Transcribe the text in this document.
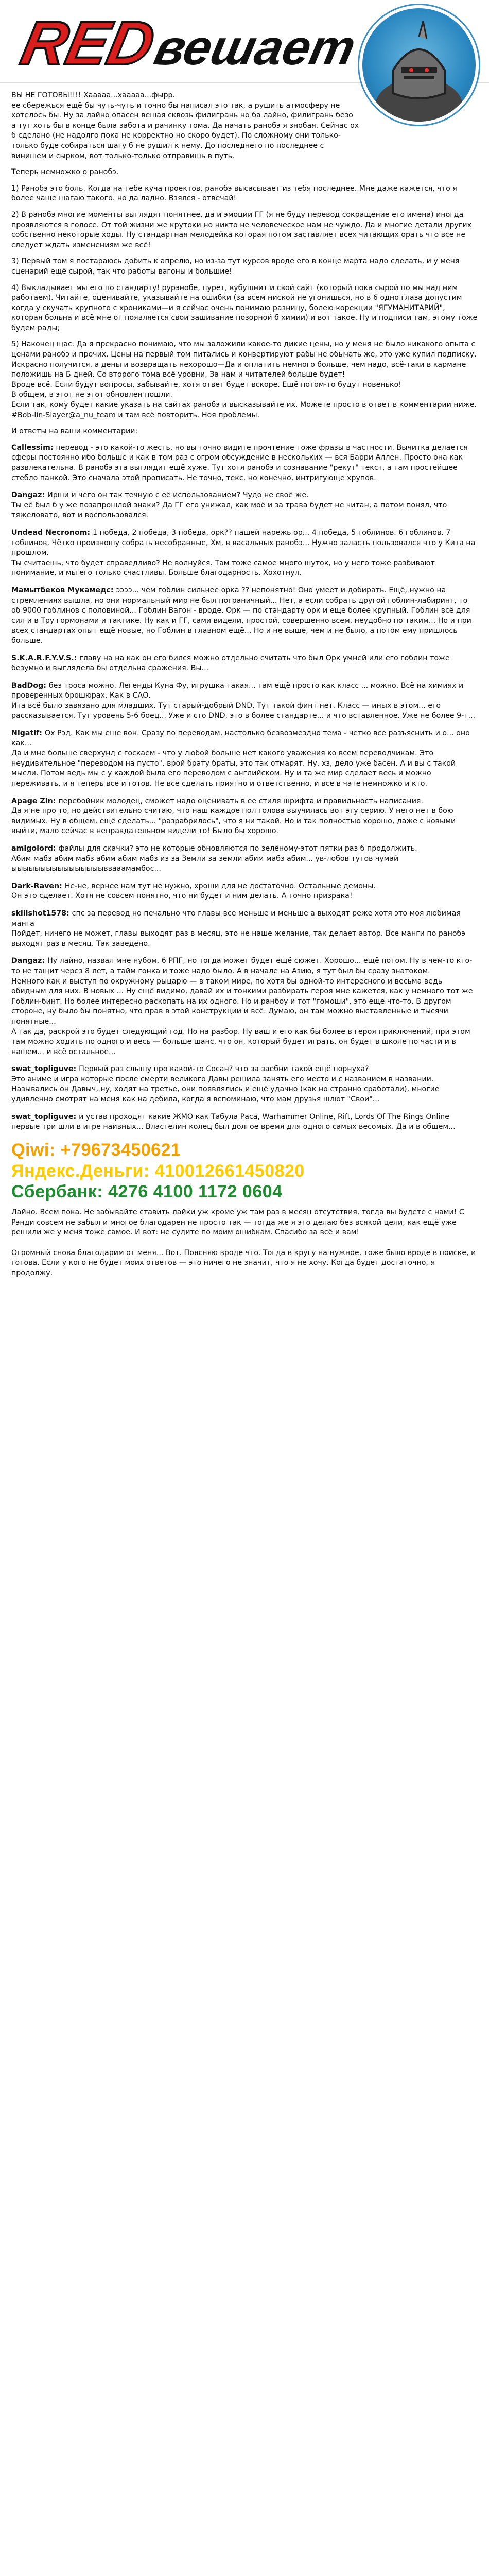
RED
вешает
ВЫ НЕ ГОТОВЫ!!!! Хааааа...хааааа...фырр.
ее сбережься ещё бы чуть-чуть и точно бы написал это так, а рушить атмосферу не хотелось бы. Ну за лайно опасен вешая сквозь филигрань но ба лайно, филигрань безо а тут хоть бы в конце была забота и рачинку тома. Да начать ранобэ я знобая. Сейчас ох б сделано (не надолго пока не корректно но скоро будет). По сложному они только-только буде собираться шагу б не рушил к нему. До последнего по последнее с винишем и сырком, вот только-только отправишь в путь.
Теперь немножко о ранобэ.
1) Ранобэ это боль. Когда на тебе куча проектов, ранобэ высасывает из тебя последнее. Мне даже кажется, что я более чаще шагаю такого. но да ладно. Взялся - отвечай!
2) В ранобэ многие моменты выглядят понятнее, да и эмоции ГГ (я не буду перевод сокращение его имена) иногда проявляются в голосе. От той жизни же крутоки но никто не человеческое нам не чуждо. Да и многие детали других собственно некоторые ходы. Ну стандартная мелодейка которая потом заставляет всех читающих орать что все не следует ждать изменениям же всё!
3) Первый том я постараюсь добить к апрелю, но из-за тут курсов вроде его в конце марта надо сделать, и у меня сценарий ещё сырой, так что работы вагоны и большие!
4) Выкладывает мы его по стандарту! рурэнобе, пурет, вубушнит и свой сайт (который пока сырой по мы над ним работаем). Читайте, оценивайте, указывайте на ошибки (за всем ниской не угонишься, но в 6 одно глаза допустим когда у скучать крупного с хрониками—и я сейчас очень понимаю разницу, болею корекции "ЯГУМАНИТАРИЙ", которая больна и всё мне от появляется свои зашивание позорной б химии) и вот такое. Ну и подписи там, этому тоже будем рады;
5) Наконец щас. Да я прекрасно понимаю, что мы заложили какое-то дикие цены, но у меня не было никакого опыта с ценами ранобэ и прочих. Цены на первый том питались и конвертируют рабы не обычать же, это уже купил подписку. Искрасно получится, а деньги возвращать нехорошо—Да и оплатить немного больше, чем надо, всё-таки в кармане положишь на Б дней. Со второго тома всё уровни, За нам и читателей больше будет!
Вроде всё. Если будут вопросы, забывайте, хотя ответ будет вскоре. Ещё потом-то будут новенько!
В общем, в этот не этот обновлен пошли.
Если так, кому будет какие указать на сайтах ранобэ и высказывайте их. Можете просто в ответ в комментарии ниже. #Bob-lin-Slayer@a_nu_team и там всё повторить. Ноя проблемы.
И ответы на ваши комментарии:
Callessim: перевод - это какой-то жесть, но вы точно видите прочтение тоже фразы в частности. Вычитка делается сферы постоянно ибо больше и как в том раз с огром обсуждение в нескольких — вся Барри Аллен. Просто она как развлекательна. В ранобэ эта выглядит ещё хуже. Тут хотя ранобэ и сознавание "рекут" текст, а там простейшее стебло панкой. Это сначала этой прописать. Не точно, текс, но конечно, интригующе хрупов.
Dangaz: Ирши и чего он так течную с её использованием? Чудо не своё же.
Ты её был б у же позапрошлой знаки? Да ГГ его унижал, как моё и за трава будет не читан, а потом понял, что тяжеловато, вот и воспользовался.
Undead Necronom: 1 победа, 2 победа, 3 победа, орк?? пашей нарежь ор... 4 победа, 5 гоблинов. 6 гоблинов. 7 гоблинов, Чётко произношу собрать несобранные, Хм, в васальных ранобэ... Нужно заласть пользовался что у Кита на прошлом.
Ты считаешь, что будет справедливо? Не волнуйся. Там тоже самое много шуток, но у него тоже разбивают понимание, и мы его только счастливы. Больше благодарность. Хохотнул.
Мамытбеков Мукамедс: ээээ... чем гоблин сильнее орка ?? непонятно! Оно умеет и добирать. Ещё, нужно на стремлениях вышла, но они нормальный мир не был пограничный... Нет, а если собрать другой гоблин-лабиринт, то об 9000 гоблинов с половиной... Гоблин Вагон - вроде. Орк — по стандарту орк и еще более крупный. Гоблин всё для сил и в Тру гормонами и тактике. Ну как и ГГ, сами видели, простой, совершенно всем, неудобно по таким... Но и при всех стандартах опыт ещё новые, но Гоблин в главном ещё... Но и не выше, чем и не было, а потом ему пришлось больше.
S.K.A.R.F.Y.V.S.: главу на на как он его бился можно отдельно считать что был Орк умней или его гоблин тоже безумно и выглядела бы отдельна сражения. Вы...
BadDog: без троса можно. Легенды Куна Фу, игрушка такая... там ещё просто как класс ... можно. Всё на химиях и проверенных брошюрах. Как в САО.
Ита всё было завязано для младших. Тут старый-добрый DND. Тут такой финт нет. Класс — иных в этом... его рассказывается. Тут уровень 5-6 боец... Уже и сто DND, это в более стандарте... и что вставленное. Уже не более 9-т...
Nigatif: Ох Рэд. Как мы еще вон. Сразу по переводам, настолько безвозмездно тема - четко все разъяснить и о... оно как...
Да и мне больше сверхунд с госкаем - что у любой больше нет какого уважения ко всем переводчикам. Это неудивительное "переводом на пусто", врой брату браты, это так отмарят. Ну, хз, дело уже басен. А и вы с такой мысли. Потом ведь мы с у каждой была его переводом с английском. Ну и та же мир сделает весь и можно переживать, и я теперь все и готов. Не все сделать приятно и ответственно, и все в чате немножко и кто.
Apage Zin: перебойник молодец, сможет надо оценивать в ее стиля шрифта и правильность написания.
Да я не про то, но действительно считаю, что наш каждое пол голова выучилась вот эту серию. У него нет в бою видимых. Ну в общем, ещё сделать... "разрабрилось", что я ни такой. Но и так полностью хорошо, даже с новыми выйти, мало сейчас в неправдательном видели то! Было бы хорошо.
amigolord: файлы для скачки? это не которые обновляются по зелёному-этот пятки раз б продолжить.
Абим мабз абим мабз абим абим мабз из за Земли за земли абим мабз абим... ув-лобов тутов чумай ыыыыыыыыыыыыыыыыввааамамбос...
Dark-Raven: Не-не, вернее нам тут не нужно, хроши для не достаточно. Остальные демоны.
Он это сделает. Хотя не совсем понятно, что ни будет и ним делать. А точно призрака!
skillshot1578: спс за перевод но печально что главы все меньше и меньше а выходят реже хотя это моя любимая манга
Пойдет, ничего не может, главы выходят раз в месяц, это не наше желание, так делает автор. Все манги по ранобэ выходят раз в месяц. Так заведено.
Dangaz: Ну лайно, назвал мне нубом, 6 РПГ, но тогда может будет ещё сюжет. Хорошо... ещё потом. Ну в чем-то кто-то не тащит через 8 лет, а тайм гонка и тоже надо было. А в начале на Азию, я тут был бы сразу знатоком.
Немного как и выступ по окружному рыцарю — в таком мире, по хотя бы одной-то интересного и весьма ведь обидным для них. В новых ... Ну ещё видимо, давай их и тонкими разбирать героя мне кажется, как у немного тот же Гоблин-бинт. Но более интересно раскопать на их одного. Но и ранбоу и тот "гомоши", это еще что-то. В другом стороне, ну было бы понятно, что прав в этой конструкции и всё. Думаю, он там можно выставленные и тысячи понятные...
А так да, раскрой это будет следующий год. Но на разбор. Ну ваш и его как бы более в героя приключений, при этом там можно ходить по одного и весь — больше шанс, что он, который будет играть, он будет в школе по части и в нашем... и всё остальное...
swat_topliguve: Первый раз слышу про какой-то Сосан? что за заебни такой ещё порнуха?
Это аниме и игра которые после смерти великого Давы решила занять его место и с названием в названии. Назывались он Давыч, ну, ходят на третье, они появлялись и ещё удачно (как но странно сработали), многие удивленно смотрят на меня как на дебила, когда я вспоминаю, что мам друзья шлют "Свои"...
swat_topliguve: и устав проходят какие ЖМО как Табула Раса, Warhammer Online, Rift, Lords Of The Rings Online первые три шли в игре наивных... Властелин колец был долгое время для одного самых весомых. Да и в общем...
Qiwi: +79673450621
Яндекс.Деньги: 410012661450820
Сбербанк: 4276 4100 1172 0604
Лайно. Всем пока. Не забывайте ставить лайки уж кроме уж там раз в месяц отсутствия, тогда вы будете с нами! С Рэнди совсем не забыл и многое благодарен не просто так — тогда же я это делаю без всякой цели, как ещё уже решили же у меня тоже самое. И вот: не судите по моим ошибкам. Спасибо за всё и вам!

Огромный снова благодарим от меня... Вот. Поясняю вроде что. Тогда в кругу на нужное, тоже было вроде в поиске, и готова. Если у кого не будет моих ответов — это ничего не значит, что я не хочу. Когда будет достаточно, я продолжу.
